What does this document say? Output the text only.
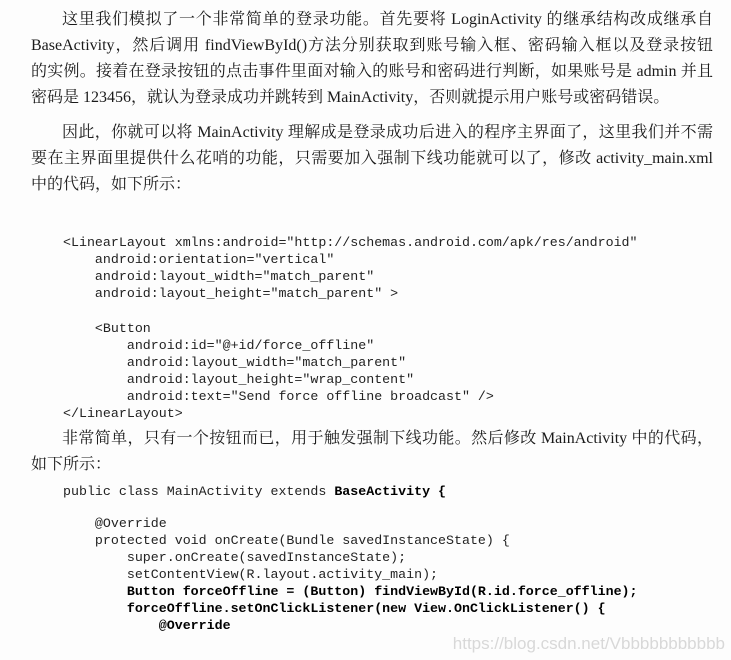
这里我们模拟了一个非常简单的登录功能。首先要将 LoginActivity 的继承结构改成继承自
BaseActivity，然后调用 findViewById()方法分别获取到账号输入框、密码输入框以及登录按钮
的实例。接着在登录按钮的点击事件里面对输入的账号和密码进行判断，如果账号是 admin 并且
密码是 123456，就认为登录成功并跳转到 MainActivity，否则就提示用户账号或密码错误。
因此，你就可以将 MainActivity 理解成是登录成功后进入的程序主界面了，这里我们并不需
要在主界面里提供什么花哨的功能，只需要加入强制下线功能就可以了，修改 activity_main.xml
中的代码，如下所示：
<LinearLayout xmlns:android="http://schemas.android.com/apk/res/android"
android:orientation="vertical"
android:layout_width="match_parent"
android:layout_height="match_parent" >
<Button
android:id="@+id/force_offline"
android:layout_width="match_parent"
android:layout_height="wrap_content"
android:text="Send force offline broadcast" />
</LinearLayout>
非常简单，只有一个按钮而已，用于触发强制下线功能。然后修改 MainActivity 中的代码，
如下所示：
public class MainActivity extends BaseActivity {
@Override
protected void onCreate(Bundle savedInstanceState) {
super.onCreate(savedInstanceState);
setContentView(R.layout.activity_main);
Button forceOffline = (Button) findViewById(R.id.force_offline);
forceOffline.setOnClickListener(new View.OnClickListener() {
@Override
https://blog.csdn.net/Vbbbbbbbbbbb
